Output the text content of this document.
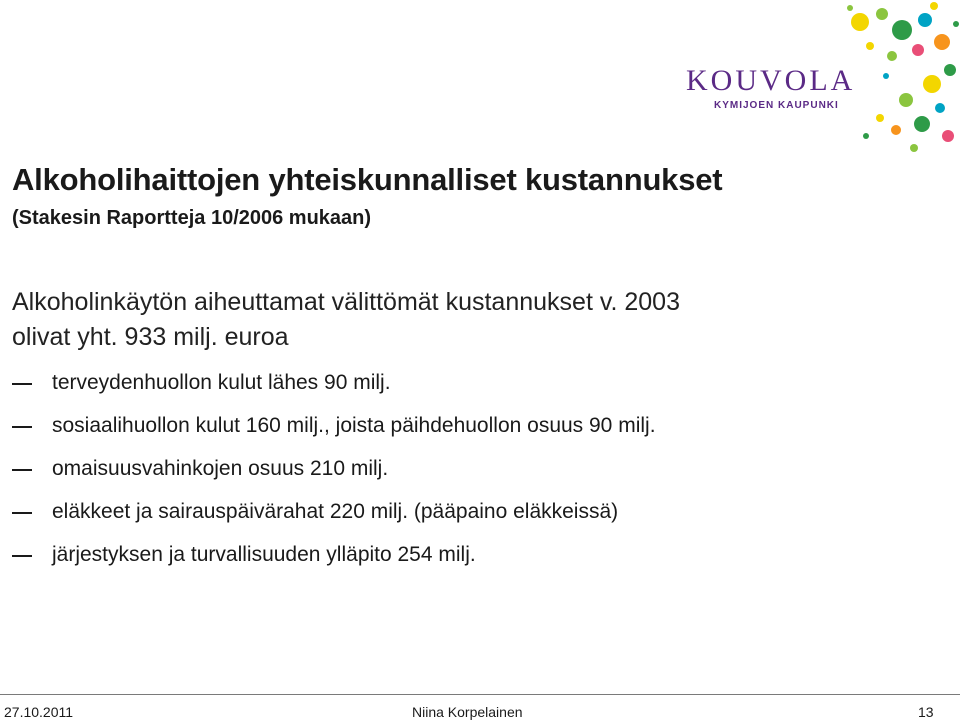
KOUVOLA
KYMIJOEN KAUPUNKI
Alkoholihaittojen yhteiskunnalliset kustannukset
(Stakesin Raportteja 10/2006 mukaan)
Alkoholinkäytön aiheuttamat välittömät kustannukset v. 2003
olivat yht. 933 milj. euroa
terveydenhuollon kulut lähes 90 milj.
sosiaalihuollon kulut 160 milj., joista päihdehuollon osuus 90 milj.
omaisuusvahinkojen osuus 210 milj.
eläkkeet ja sairauspäivärahat 220 milj. (pääpaino eläkkeissä)
järjestyksen ja turvallisuuden ylläpito 254 milj.
27.10.2011	Niina Korpelainen	13
